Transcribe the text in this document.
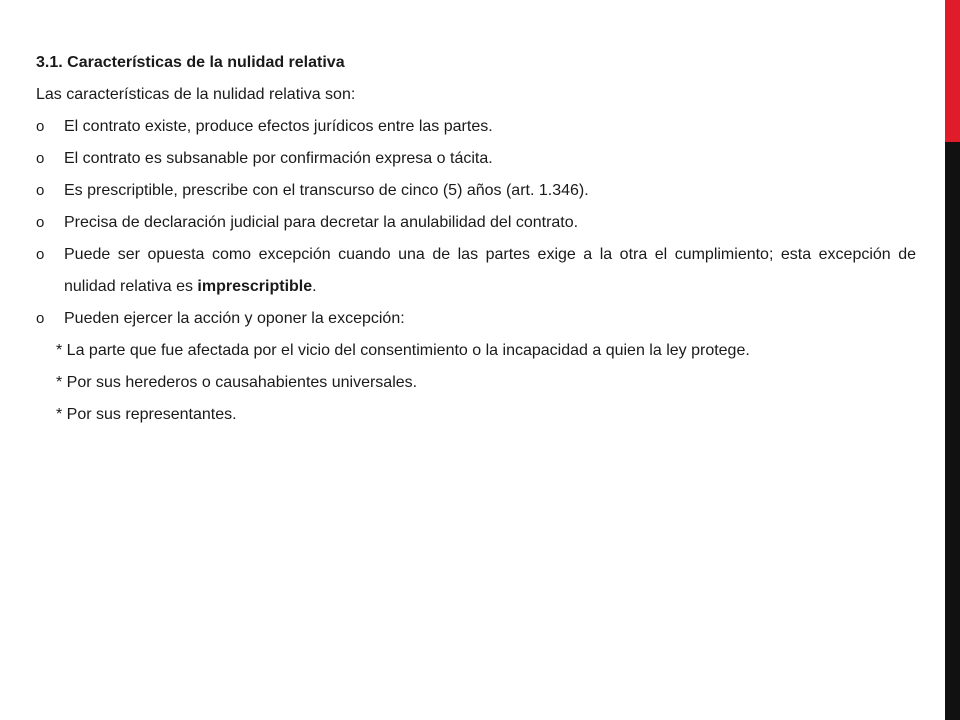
3.1. Características de la nulidad relativa

Las características de la nulidad relativa son:

o El contrato existe, produce efectos jurídicos entre las partes.
o El contrato es subsanable por confirmación expresa o tácita.
o Es prescriptible, prescribe con el transcurso de cinco (5) años (art. 1.346).
o Precisa de declaración judicial para decretar la anulabilidad del contrato.
o Puede ser opuesta como excepción cuando una de las partes exige a la otra el cumplimiento; esta excepción de nulidad relativa es imprescriptible.
o Pueden ejercer la acción y oponer la excepción:
* La parte que fue afectada por el vicio del consentimiento o la incapacidad a quien la ley protege.
* Por sus herederos o causahabientes universales.
* Por sus representantes.
